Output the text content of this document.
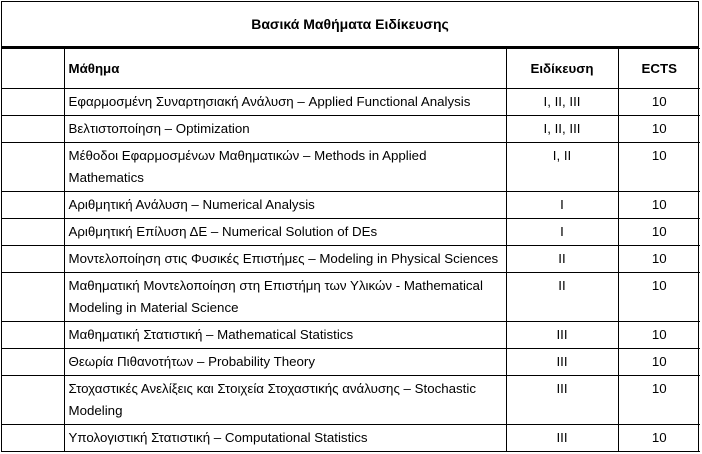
Βασικά Μαθήματα Ειδίκευσης
	Μάθημα	Ειδίκευση	ECTS
	Εφαρμοσμένη Συναρτησιακή Ανάλυση – Applied Functional Analysis	I, II, III	10
	Βελτιστοποίηση – Optimization	I, II, III	10
	Μέθοδοι Εφαρμοσμένων Μαθηματικών – Methods in Applied Mathematics	I, II	10
	Αριθμητική Ανάλυση – Numerical Analysis	I	10
	Αριθμητική Επίλυση ΔΕ – Numerical Solution of DEs	I	10
	Μοντελοποίηση στις Φυσικές Επιστήμες – Modeling in Physical Sciences	II	10
	Μαθηματική Μοντελοποίηση στη Επιστήμη των Υλικών - Mathematical Modeling in Material Science	II	10
	Μαθηματική Στατιστική – Mathematical Statistics	III	10
	Θεωρία Πιθανοτήτων – Probability Theory	III	10
	Στοχαστικές Ανελίξεις και Στοιχεία Στοχαστικής ανάλυσης – Stochastic Modeling	III	10
	Υπολογιστική Στατιστική – Computational Statistics	III	10
